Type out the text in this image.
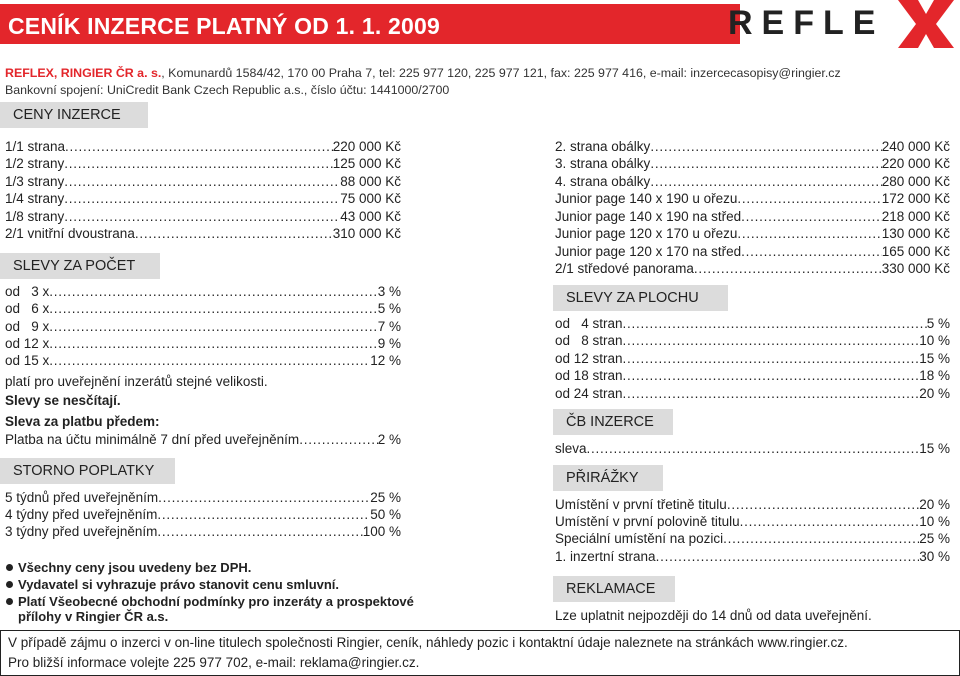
CENÍK INZERCE PLATNÝ OD 1. 1. 2009	REFLE
REFLEX, RINGIER ČR a. s., Komunardů 1584/42, 170 00 Praha 7, tel: 225 977 120, 225 977 121, fax: 225 977 416, e-mail: inzercecasopisy@ringier.cz
Bankovní spojení: UniCredit Bank Czech Republic a.s., číslo účtu: 1441000/2700
CENY INZERCE
1/1 strana . . .	220 000 Kč
1/2 strany . . .	125 000 Kč
1/3 strany . . .	88 000 Kč
1/4 strany . . .	75 000 Kč
1/8 strany . . .	43 000 Kč
2/1 vnitřní dvoustrana . . .	310 000 Kč
SLEVY ZA POČET
od   3 x . . .	3 %
od   6 x . . .	5 %
od   9 x . . .	7 %
od 12 x . . .	9 %
od 15 x . . .	12 %
platí pro uveřejnění inzerátů stejné velikosti.
Slevy se nesčítají.
Sleva za platbu předem:
Platba na účtu minimálně 7 dní před uveřejněním . . .	2 %
STORNO POPLATKY
5 týdnů před uveřejněním . . .	25 %
4 týdny před uveřejněním . . .	50 %
3 týdny před uveřejněním . . .	100 %
Všechny ceny jsou uvedeny bez DPH.
Vydavatel si vyhrazuje právo stanovit cenu smluvní.
Platí Všeobecné obchodní podmínky pro inzeráty a prospektové
přílohy v Ringier ČR a.s.
2. strana obálky . . .	240 000 Kč
3. strana obálky . . .	220 000 Kč
4. strana obálky . . .	280 000 Kč
Junior page 140 x 190 u ořezu . . .	172 000 Kč
Junior page 140 x 190 na střed . . .	218 000 Kč
Junior page 120 x 170 u ořezu . . .	130 000 Kč
Junior page 120 x 170 na střed . . .	165 000 Kč
2/1 středové panorama . . .	330 000 Kč
SLEVY ZA PLOCHU
od   4 stran . . .	5 %
od   8 stran . . .	10 %
od 12 stran . . .	15 %
od 18 stran . . .	18 %
od 24 stran . . .	20 %
ČB INZERCE
sleva . . .	15 %
PŘIRÁŽKY
Umístění v první třetině titulu . . .	20 %
Umístění v první polovině titulu . . .	10 %
Speciální umístění na pozici . . .	25 %
1. inzertní strana . . .	30 %
REKLAMACE
Lze uplatnit nejpozději do 14 dnů od data uveřejnění.
V případě zájmu o inzerci v on-line titulech společnosti Ringier, ceník, náhledy pozic i kontaktní údaje naleznete na stránkách www.ringier.cz.
Pro bližší informace volejte 225 977 702, e-mail: reklama@ringier.cz.
